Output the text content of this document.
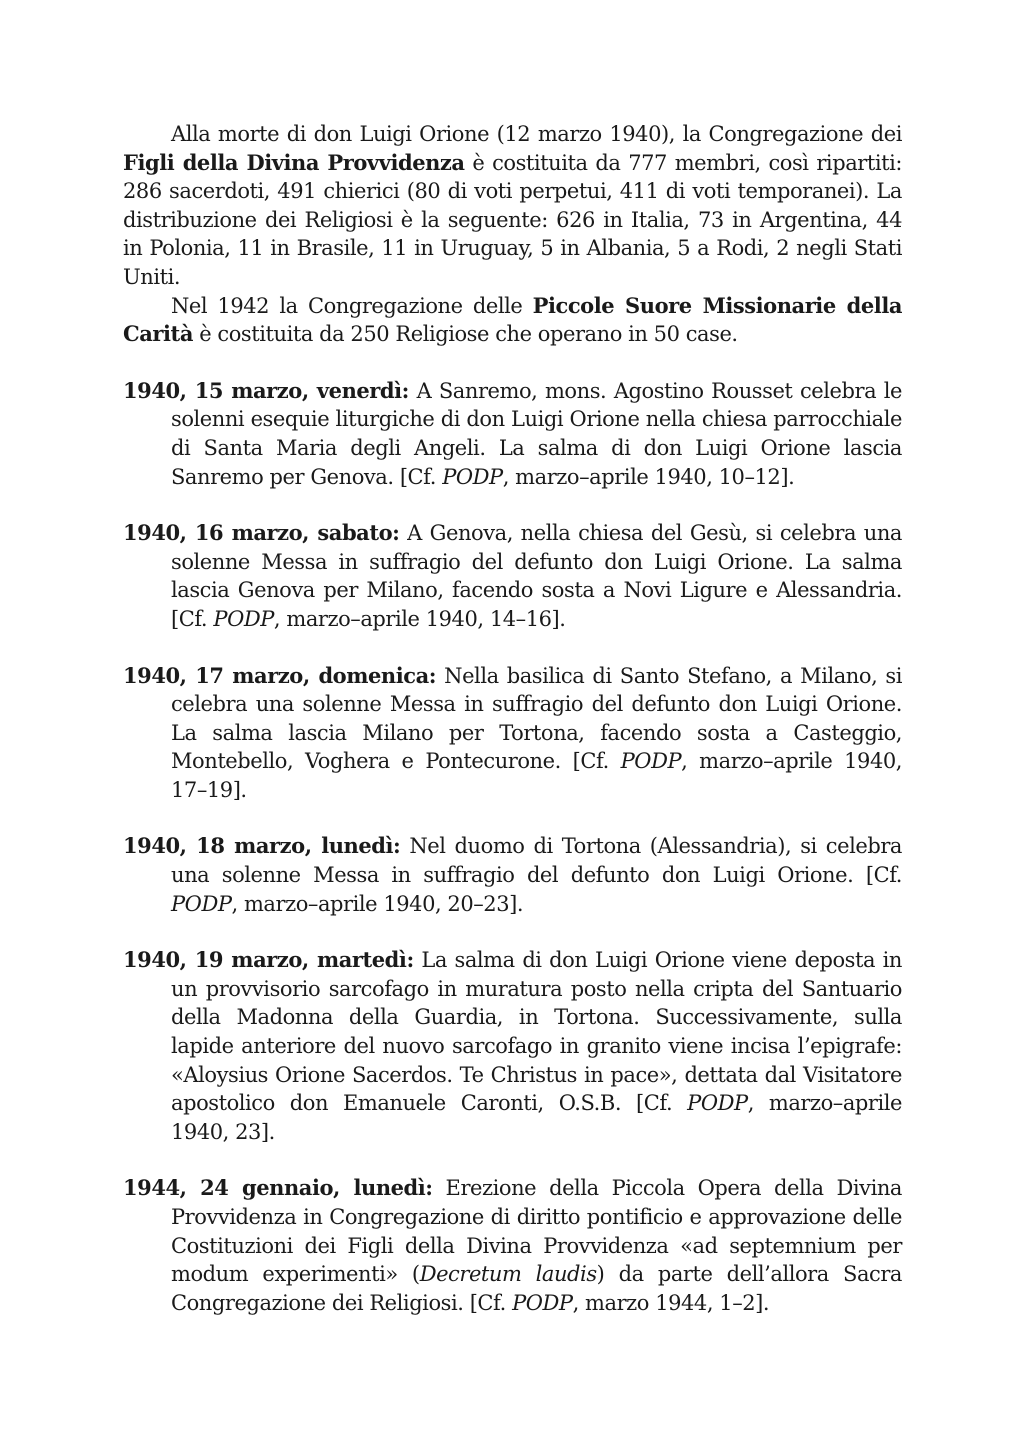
Alla morte di don Luigi Orione (12 marzo 1940), la Congregazione dei Figli della Divina Provvidenza è costituita da 777 membri, così ripartiti: 286 sacerdoti, 491 chierici (80 di voti perpetui, 411 di voti temporanei). La distribuzione dei Religiosi è la seguente: 626 in Italia, 73 in Argentina, 44 in Polonia, 11 in Brasile, 11 in Uruguay, 5 in Albania, 5 a Rodi, 2 negli Stati Uniti.

Nel 1942 la Congregazione delle Piccole Suore Missionarie della Carità è costituita da 250 Religiose che operano in 50 case.

1940, 15 marzo, venerdì: A Sanremo, mons. Agostino Rousset celebra le solenni esequie liturgiche di don Luigi Orione nella chiesa parrocchiale di Santa Maria degli Angeli. La salma di don Luigi Orione lascia Sanremo per Genova. [Cf. PODP, marzo–aprile 1940, 10–12].

1940, 16 marzo, sabato: A Genova, nella chiesa del Gesù, si celebra una solenne Messa in suffragio del defunto don Luigi Orione. La salma lascia Genova per Milano, facendo sosta a Novi Ligure e Alessandria. [Cf. PODP, marzo–aprile 1940, 14–16].

1940, 17 marzo, domenica: Nella basilica di Santo Stefano, a Milano, si celebra una solenne Messa in suffragio del defunto don Luigi Orione. La salma lascia Milano per Tortona, facendo sosta a Casteggio, Montebello, Voghera e Pontecurone. [Cf. PODP, marzo–aprile 1940, 17–19].

1940, 18 marzo, lunedì: Nel duomo di Tortona (Alessandria), si celebra una solenne Messa in suffragio del defunto don Luigi Orione. [Cf. PODP, marzo–aprile 1940, 20–23].

1940, 19 marzo, martedì: La salma di don Luigi Orione viene deposta in un provvisorio sarcofago in muratura posto nella cripta del Santuario della Madonna della Guardia, in Tortona. Successivamente, sulla lapide anteriore del nuovo sarcofago in granito viene incisa l’epigrafe: «Aloysius Orione Sacerdos. Te Christus in pace», dettata dal Visitatore apostolico don Emanuele Caronti, O.S.B. [Cf. PODP, marzo–aprile 1940, 23].

1944, 24 gennaio, lunedì: Erezione della Piccola Opera della Divina Provvidenza in Congregazione di diritto pontificio e approvazione delle Costituzioni dei Figli della Divina Provvidenza «ad septemnium per modum experimenti» (Decretum laudis) da parte dell’allora Sacra Congregazione dei Religiosi. [Cf. PODP, marzo 1944, 1–2].
